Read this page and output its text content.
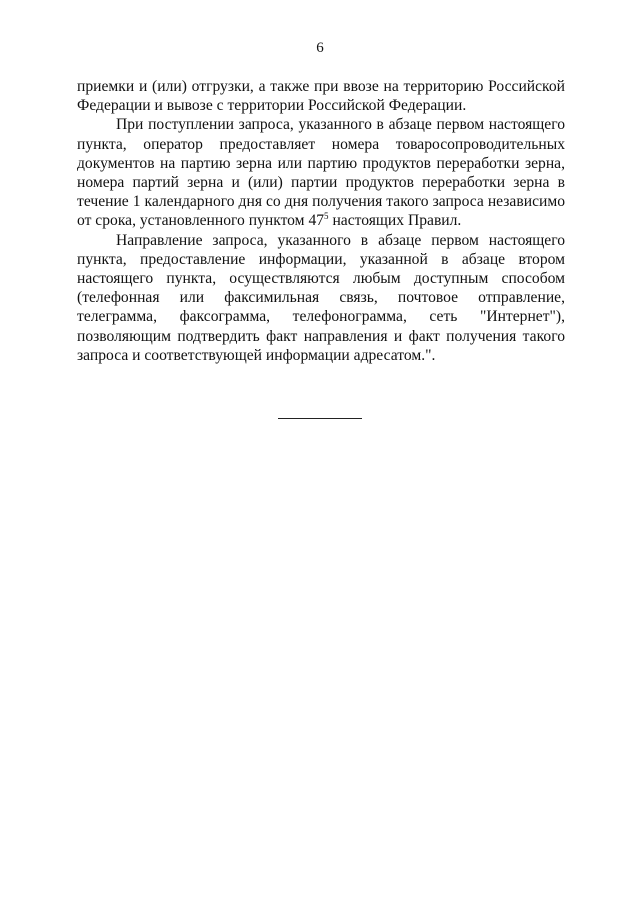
6

приемки и (или) отгрузки, а также при ввозе на территорию Российской Федерации и вывозе с территории Российской Федерации.

При поступлении запроса, указанного в абзаце первом настоящего пункта, оператор предоставляет номера товаросопроводительных документов на партию зерна или партию продуктов переработки зерна, номера партий зерна и (или) партии продуктов переработки зерна в течение 1 календарного дня со дня получения такого запроса независимо от срока, установленного пунктом $47^5$ настоящих Правил.

Направление запроса, указанного в абзаце первом настоящего пункта, предоставление информации, указанной в абзаце втором настоящего пункта, осуществляются любым доступным способом (телефонная или факсимильная связь, почтовое отправление, телеграмма, факсограмма, телефонограмма, сеть "Интернет"), позволяющим подтвердить факт направления и факт получения такого запроса и соответствующей информации адресатом.".
